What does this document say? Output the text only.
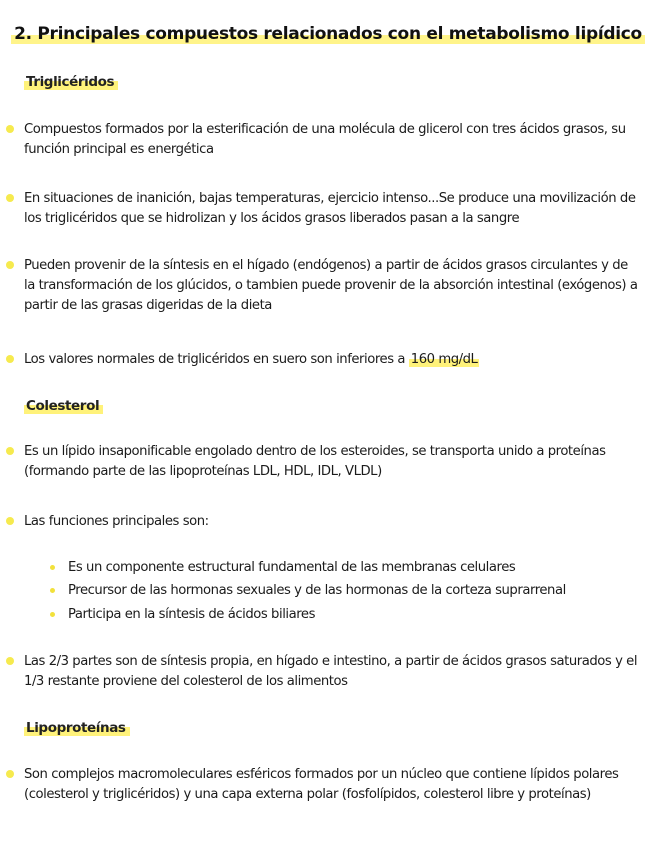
2. Principales compuestos relacionados con el metabolismo lipídico
Triglicéridos
Compuestos formados por la esterificación de una molécula de glicerol con tres ácidos grasos, su función principal es energética
En situaciones de inanición, bajas temperaturas, ejercicio intenso...Se produce una movilización de los triglicéridos que se hidrolizan y los ácidos grasos liberados pasan a la sangre
Pueden provenir de la síntesis en el hígado (endógenos) a partir de ácidos grasos circulantes y de la transformación de los glúcidos, o tambien puede provenir de la absorción intestinal (exógenos) a partir de las grasas digeridas de la dieta
Los valores normales de triglicéridos en suero son inferiores a 160 mg/dL
Colesterol
Es un lípido insaponificable engolado dentro de los esteroides, se transporta unido a proteínas (formando parte de las lipoproteínas LDL, HDL, IDL, VLDL)
Las funciones principales son:
Es un componente estructural fundamental de las membranas celulares
Precursor de las hormonas sexuales y de las hormonas de la corteza suprarrenal
Participa en la síntesis de ácidos biliares
Las 2/3 partes son de síntesis propia, en hígado e intestino, a partir de ácidos grasos saturados y el 1/3 restante proviene del colesterol de los alimentos
Lipoproteínas
Son complejos macromoleculares esféricos formados por un núcleo que contiene lípidos polares (colesterol y triglicéridos) y una capa externa polar (fosfolípidos, colesterol libre y proteínas)
